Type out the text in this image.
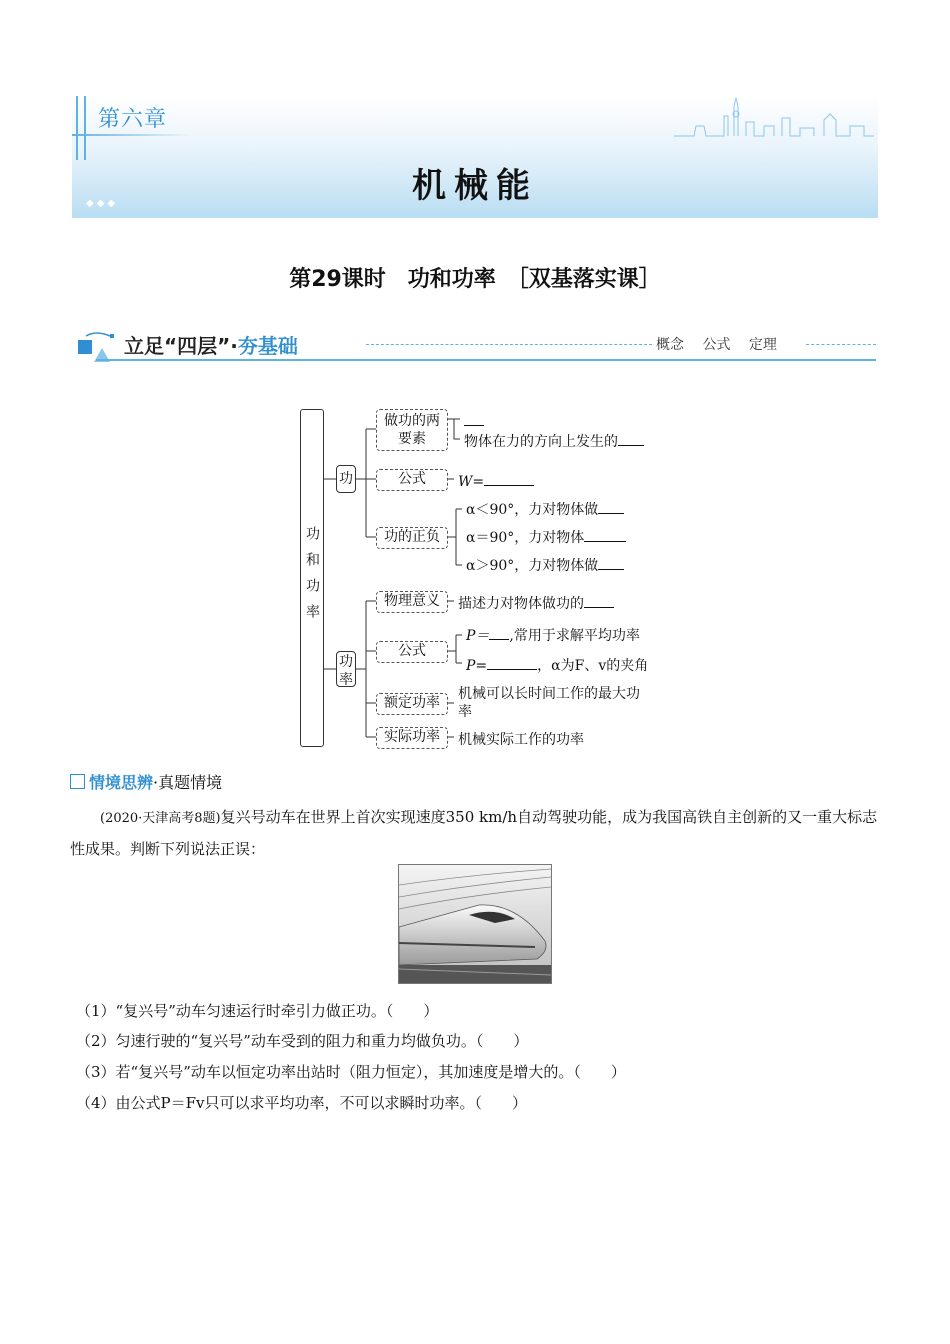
第六章
机械能
◆◆◆
第29课时　功和功率　［双基落实课］
立足“四层”·夯基础	概念 公式 定理
功和功率
功
做功的两要素	物体在力的方向上发生的
公式	W=
功的正负
α＜90°，力对物体做
α＝90°，力对物体
α＞90°，力对物体做
功率
物理意义	描述力对物体做功的
公式
P＝ ,常用于求解平均功率
P=	，α为F、v的夹角
额定功率
机械可以长时间工作的最大功率
实际功率	机械实际工作的功率
情境思辨·真题情境
(2020·天津高考8题)复兴号动车在世界上首次实现速度350 km/h自动驾驶功能，成为我国高铁自主创新的又一重大标志性成果。判断下列说法正误：
（1）“复兴号”动车匀速运行时牵引力做正功。（　　）
（2）匀速行驶的“复兴号”动车受到的阻力和重力均做负功。（　　）
（3）若“复兴号”动车以恒定功率出站时（阻力恒定），其加速度是增大的。（　　）
（4）由公式P＝Fv只可以求平均功率，不可以求瞬时功率。（　　）
